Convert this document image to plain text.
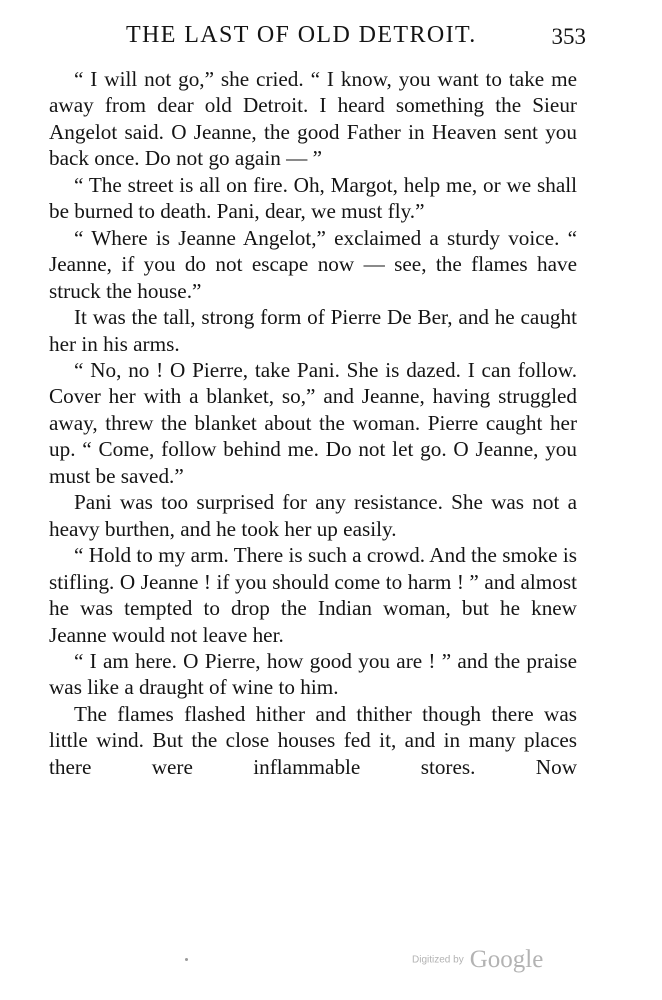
THE LAST OF OLD DETROIT.	353

“ I will not go,” she cried. “ I know, you want to take me away from dear old Detroit. I heard something the Sieur Angelot said. O Jeanne, the good Father in Heaven sent you back once. Do not go again — ”

“ The street is all on fire. Oh, Margot, help me, or we shall be burned to death. Pani, dear, we must fly.”

“ Where is Jeanne Angelot,” exclaimed a sturdy voice. “ Jeanne, if you do not escape now — see, the flames have struck the house.”

It was the tall, strong form of Pierre De Ber, and he caught her in his arms.

“ No, no ! O Pierre, take Pani. She is dazed. I can follow. Cover her with a blanket, so,” and Jeanne, having struggled away, threw the blanket about the woman. Pierre caught her up. “ Come, follow behind me. Do not let go. O Jeanne, you must be saved.”

Pani was too surprised for any resistance. She was not a heavy burthen, and he took her up easily.

“ Hold to my arm. There is such a crowd. And the smoke is stifling. O Jeanne ! if you should come to harm ! ” and almost he was tempted to drop the Indian woman, but he knew Jeanne would not leave her.

“ I am here. O Pierre, how good you are ! ” and the praise was like a draught of wine to him.

The flames flashed hither and thither though there was little wind. But the close houses fed it, and in many places there were inflammable stores. Now

Digitized by Google
